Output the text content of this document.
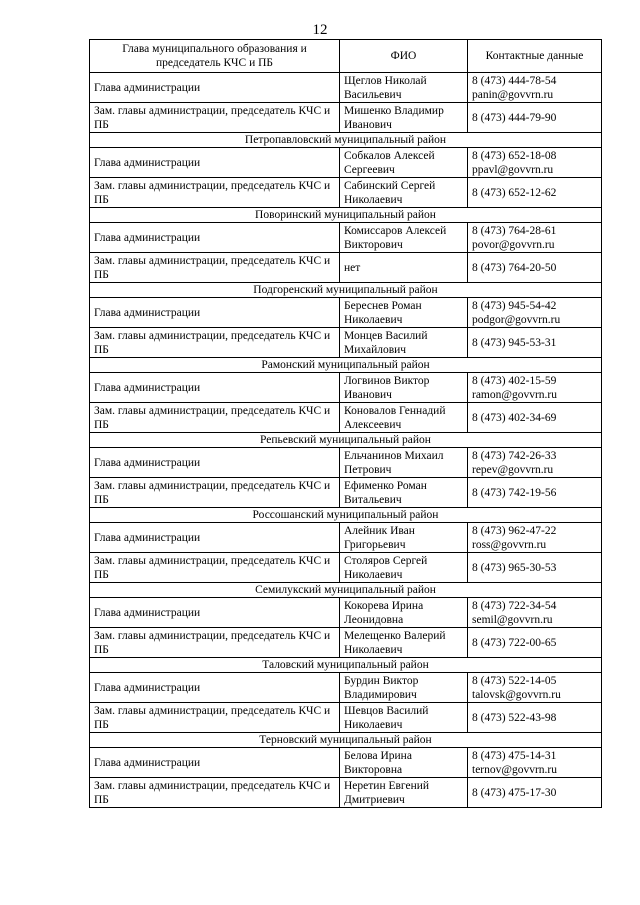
12
Глава муниципального образования и председатель КЧС и ПБ	ФИО	Контактные данные
Глава администрации	Щеглов Николай Васильевич	8 (473) 444-78-54
panin@govvrn.ru

Зам. главы администрации, председатель КЧС и ПБ	Мишенко Владимир Иванович	8 (473) 444-79-90

Петропавловский муниципальный район		
Глава администрации	Собкалов Алексей Сергеевич	8 (473) 652-18-08
ppavl@govvrn.ru

Зам. главы администрации, председатель КЧС и ПБ	Сабинский Сергей Николаевич	8 (473) 652-12-62

Поворинский муниципальный район		
Глава администрации	Комиссаров Алексей Викторович	8 (473) 764-28-61
povor@govvrn.ru

Зам. главы администрации, председатель КЧС и ПБ	нет	8 (473) 764-20-50

Подгоренский муниципальный район		
Глава администрации	Береснев Роман Николаевич	8 (473) 945-54-42
podgor@govvrn.ru

Зам. главы администрации, председатель КЧС и ПБ	Монцев Василий Михайлович	8 (473) 945-53-31

Рамонский муниципальный район		
Глава администрации	Логвинов Виктор Иванович	8 (473) 402-15-59
ramon@govvrn.ru

Зам. главы администрации, председатель КЧС и ПБ	Коновалов Геннадий Алексеевич	8 (473) 402-34-69

Репьевский муниципальный район		
Глава администрации	Ельчанинов Михаил Петрович	8 (473) 742-26-33
repev@govvrn.ru

Зам. главы администрации, председатель КЧС и ПБ	Ефименко Роман Витальевич	8 (473) 742-19-56

Россошанский муниципальный район		
Глава администрации	Алейник Иван Григорьевич	8 (473) 962-47-22
ross@govvrn.ru

Зам. главы администрации, председатель КЧС и ПБ	Столяров Сергей Николаевич	8 (473) 965-30-53

Семилукский муниципальный район		
Глава администрации	Кокорева Ирина Леонидовна	8 (473) 722-34-54
semil@govvrn.ru

Зам. главы администрации, председатель КЧС и ПБ	Мелещенко Валерий Николаевич	8 (473) 722-00-65

Таловский муниципальный район		
Глава администрации	Бурдин Виктор Владимирович	8 (473) 522-14-05
talovsk@govvrn.ru

Зам. главы администрации, председатель КЧС и ПБ	Шевцов Василий Николаевич	8 (473) 522-43-98

Терновский муниципальный район		
Глава администрации	Белова Ирина Викторовна	8 (473) 475-14-31
ternov@govvrn.ru

Зам. главы администрации, председатель КЧС и ПБ	Неретин Евгений Дмитриевич	8 (473) 475-17-30
